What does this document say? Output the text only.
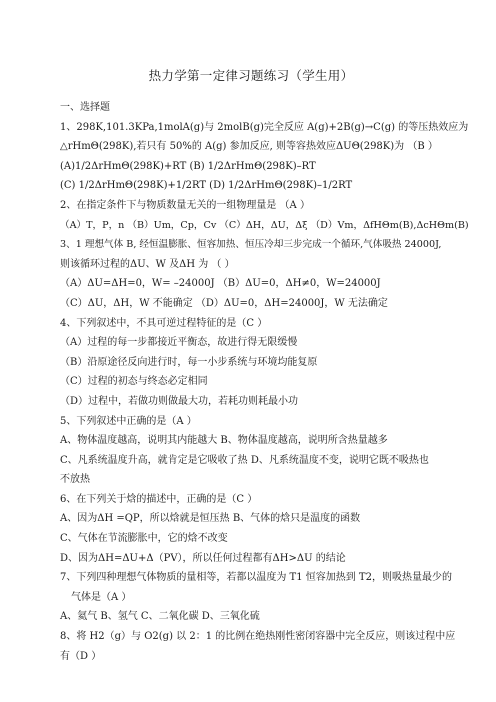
热力学第一定律习题练习（学生用）
一、选择题
1、298K,101.3KPa,1molA(g)与 2molB(g)完全反应 A(g)+2B(g)→C(g) 的等压热效应为
△rHmΘ(298K),若只有 50%的 A(g) 参加反应, 则等容热效应ΔUΘ(298K)为 （B ）
(A)1/2ΔrHmΘ(298K)+RT (B) 1/2ΔrHmΘ(298K)–RT
(C) 1/2ΔrHmΘ(298K)+1/2RT (D) 1/2ΔrHmΘ(298K)–1/2RT
2、在指定条件下与物质数量无关的一组物理量是 （A ）
（A）T，P，n （B）Um，Cp，Cv （C）ΔH，ΔU，Δξ （D）Vm，ΔfHΘm(B),ΔcHΘm(B)
3、1 理想气体 B, 经恒温膨胀、恒容加热、恒压冷却三步完成一个循环,气体吸热 24000J,
则该循环过程的ΔU、W 及ΔH 为 （ ）
（A）ΔU=ΔH=0，W= –24000J （B）ΔU=0，ΔH≠0，W=24000J
（C）ΔU，ΔH，W 不能确定 （D）ΔU=0，ΔH=24000J，W 无法确定
4、下列叙述中，不具可逆过程特征的是（C ）
（A）过程的每一步都接近平衡态，故进行得无限缓慢
（B）沿原途径反向进行时，每一小步系统与环境均能复原
（C）过程的初态与终态必定相同
（D）过程中，若做功则做最大功，若耗功则耗最小功
5、下列叙述中正确的是（A ）
A、物体温度越高，说明其内能越大 B、物体温度越高，说明所含热量越多
C、凡系统温度升高，就肯定是它吸收了热 D、凡系统温度不变，说明它既不吸热也
不放热
6、在下列关于焓的描述中，正确的是（C ）
A、因为ΔH =QP，所以焓就是恒压热 B、气体的焓只是温度的函数
C、气体在节流膨胀中，它的焓不改变
D、因为ΔH=ΔU+Δ（PV），所以任何过程都有ΔH>ΔU 的结论
7、下列四种理想气体物质的量相等，若都以温度为 T1 恒容加热到 T2，则吸热量最少的
气体是（A ）
A、氦气 B、氢气 C、二氧化碳 D、三氧化硫
8、将 H2（g）与 O2(g) 以 2：1 的比例在绝热刚性密闭容器中完全反应，则该过程中应
有（D ）
